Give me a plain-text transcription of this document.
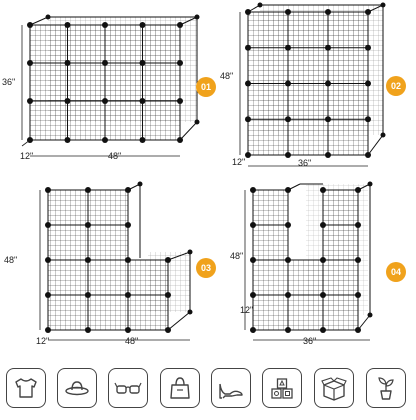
36"
48"
12"
01
48"
36"
12"
02
48"
48"
12"
03
48"
36"
12"
04
